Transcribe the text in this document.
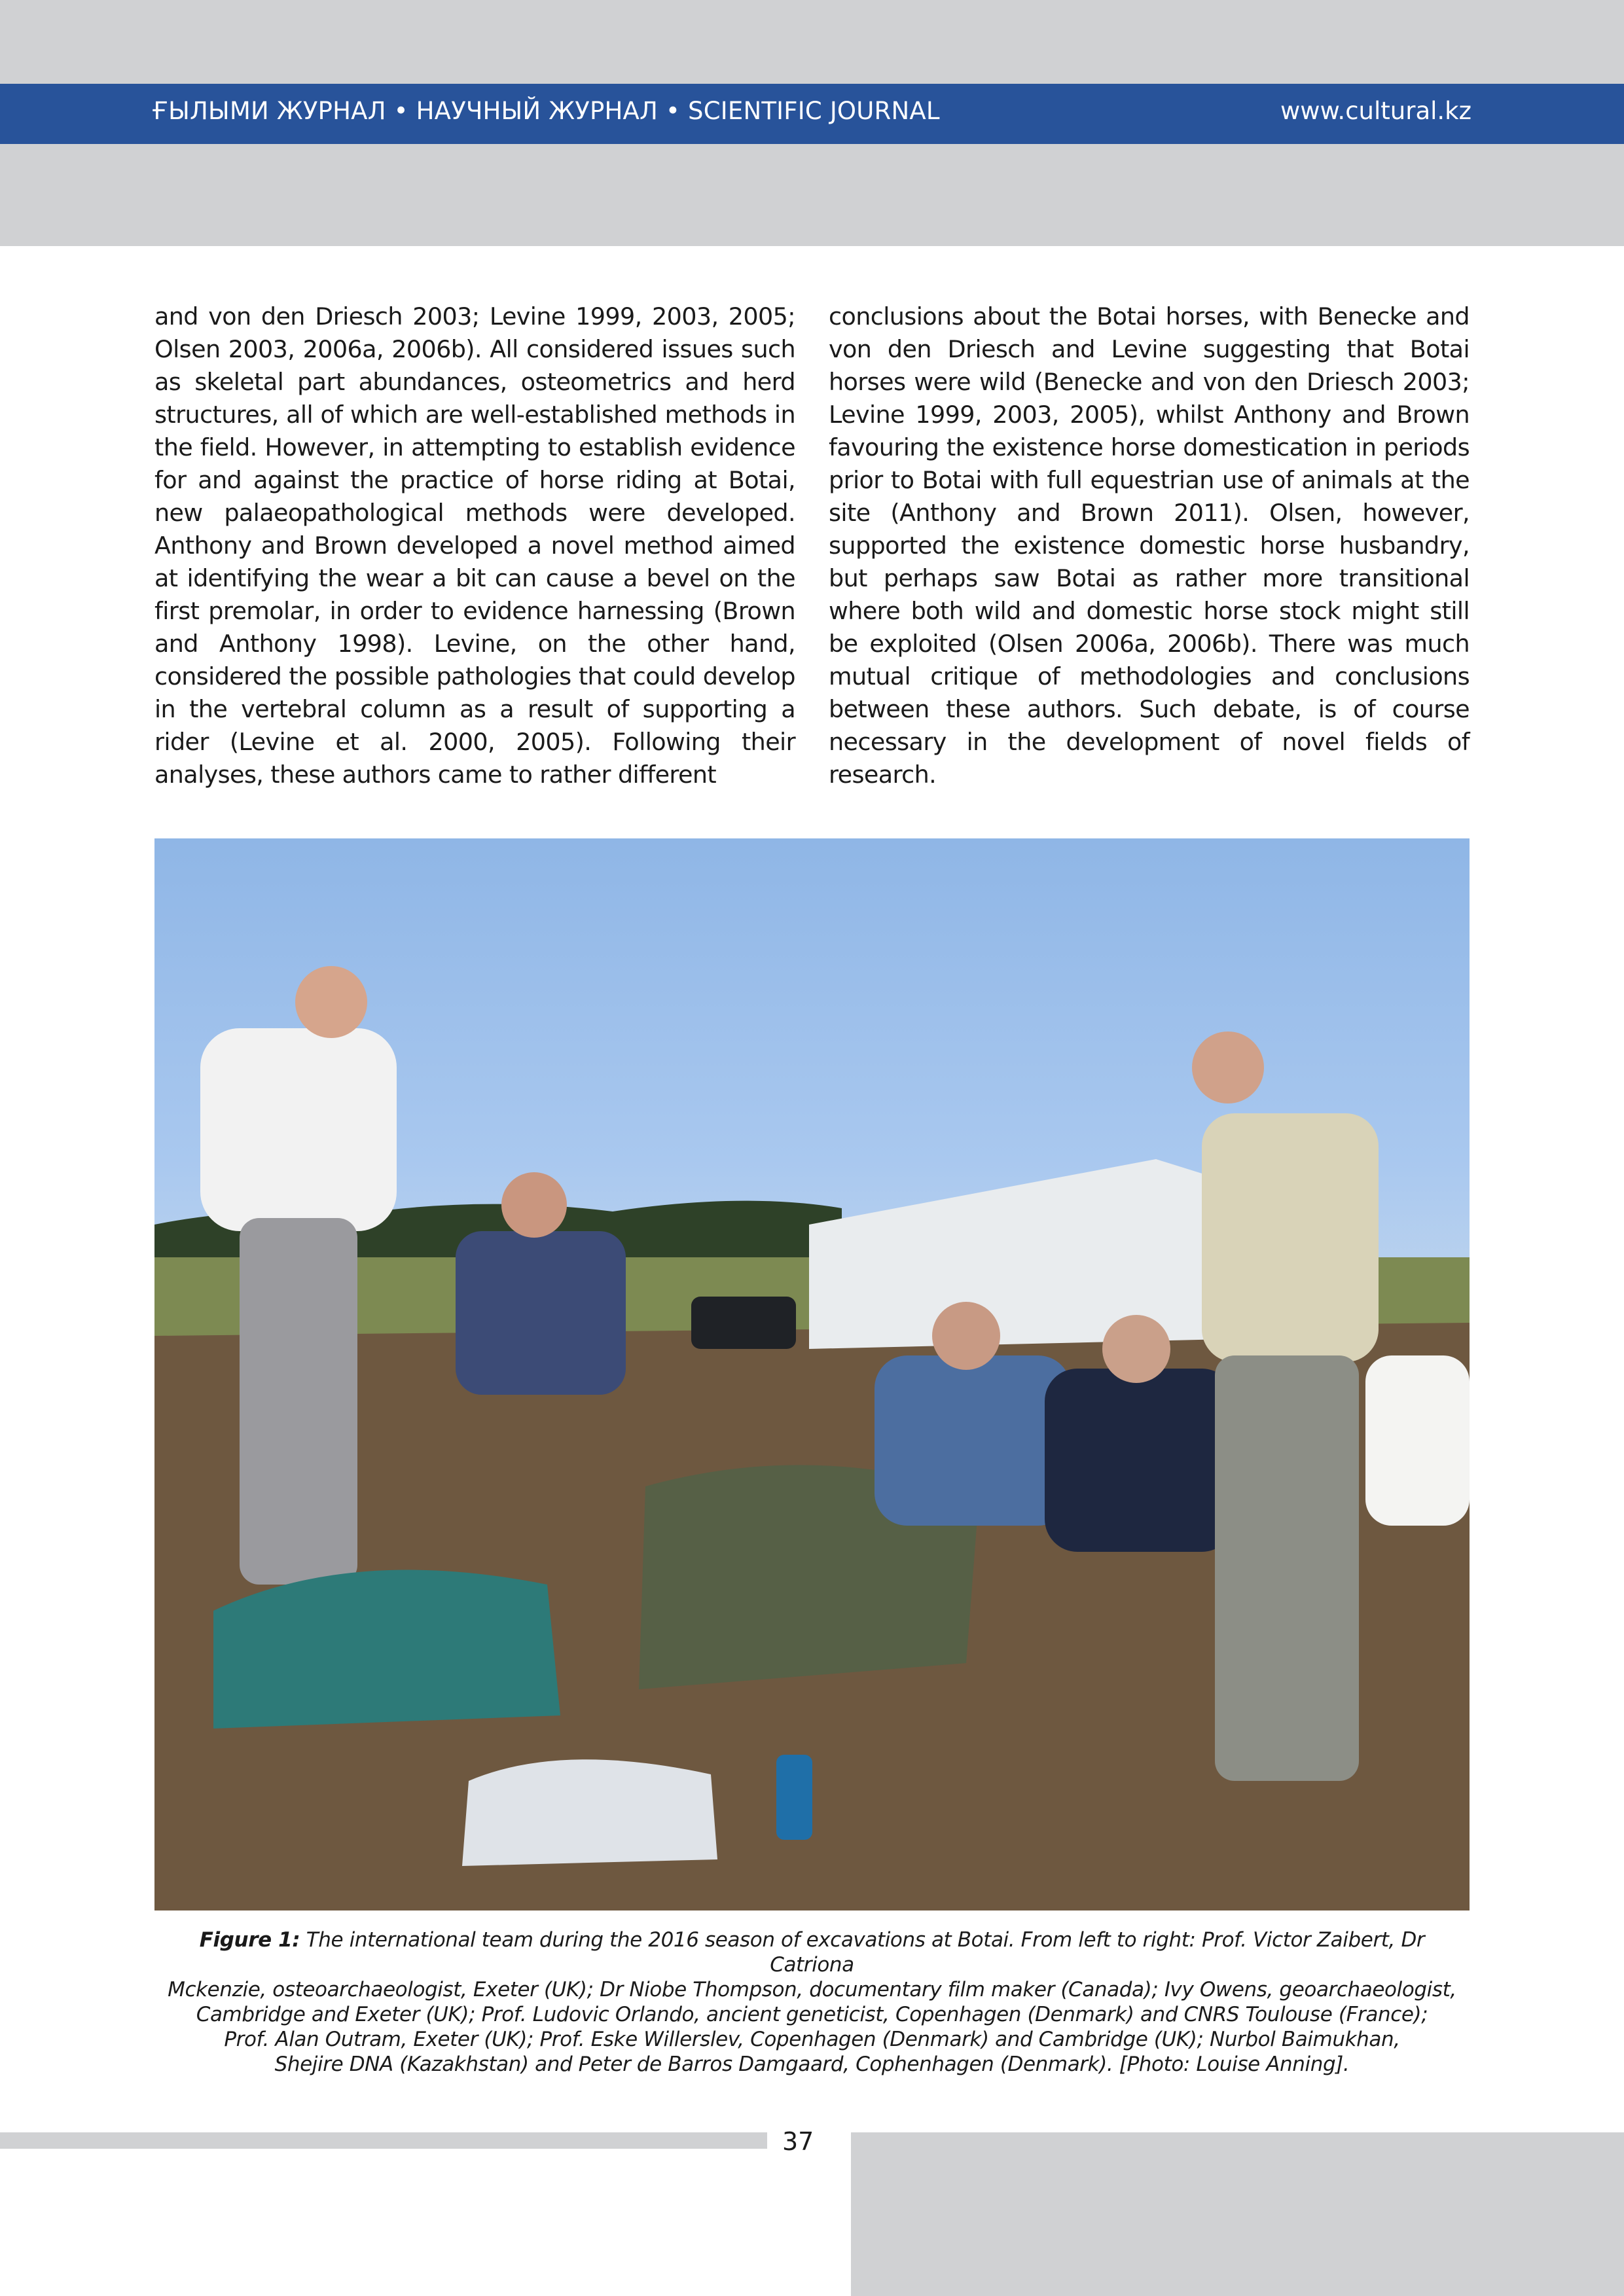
ҒЫЛЫМИ ЖУРНАЛ • НАУЧНЫЙ ЖУРНАЛ • SCIENTIFIC JOURNAL	www.cultural.kz
and von den Driesch 2003; Levine 1999, 2003, 2005; Olsen 2003, 2006a, 2006b). All considered issues such as skeletal part abundances, osteometrics and herd structures, all of which are well-established methods in the field. However, in attempting to establish evidence for and against the practice of horse riding at Botai, new palaeopathological methods were developed. Anthony and Brown developed a novel method aimed at identifying the wear a bit can cause a bevel on the first premolar, in order to evidence harnessing (Brown and Anthony 1998). Levine, on the other hand, considered the possible pathologies that could develop in the vertebral column as a result of supporting a rider (Levine et al. 2000, 2005). Following their analyses, these authors came to rather different
conclusions about the Botai horses, with Benecke and von den Driesch and Levine suggesting that Botai horses were wild (Benecke and von den Driesch 2003; Levine 1999, 2003, 2005), whilst Anthony and Brown favouring the existence horse domestication in periods prior to Botai with full equestrian use of animals at the site (Anthony and Brown 2011). Olsen, however, supported the existence domestic horse husbandry, but perhaps saw Botai as rather more transitional where both wild and domestic horse stock might still be exploited (Olsen 2006a, 2006b). There was much mutual critique of methodologies and conclusions between these authors. Such debate, is of course necessary in the development of novel fields of research.
Figure 1: The international team during the 2016 season of excavations at Botai. From left to right: Prof. Victor Zaibert, Dr Catriona
Mckenzie, osteoarchaeologist, Exeter (UK); Dr Niobe Thompson, documentary film maker (Canada); Ivy Owens, geoarchaeologist,
Cambridge and Exeter (UK); Prof. Ludovic Orlando, ancient geneticist, Copenhagen (Denmark) and CNRS Toulouse (France);
Prof. Alan Outram, Exeter (UK); Prof. Eske Willerslev, Copenhagen (Denmark) and Cambridge (UK); Nurbol Baimukhan,
Shejire DNA (Kazakhstan) and Peter de Barros Damgaard, Cophenhagen (Denmark). [Photo: Louise Anning].
37
